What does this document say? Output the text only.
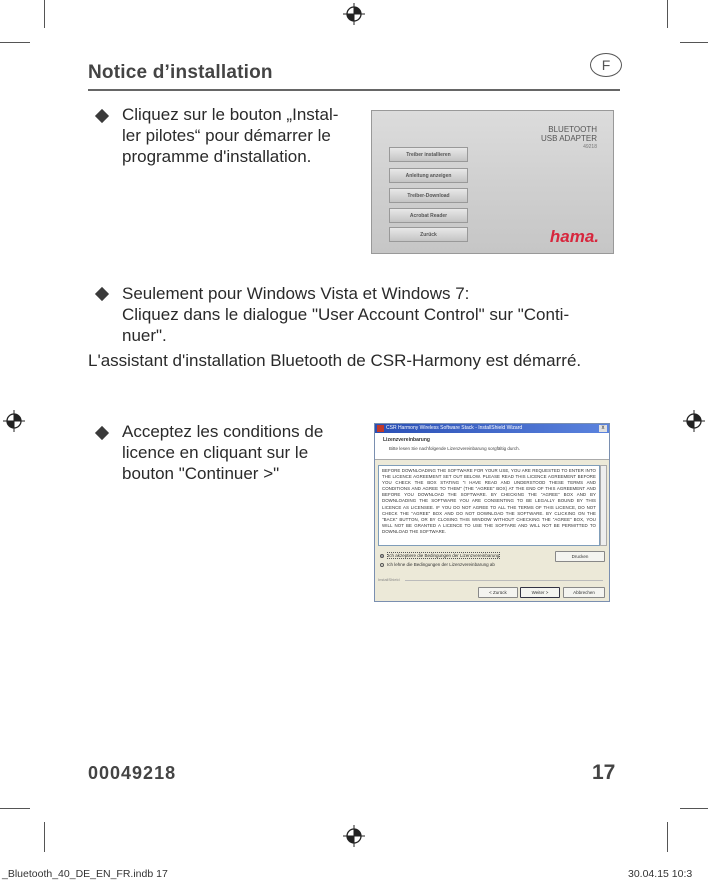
Notice d’installation	F
Cliquez sur le bouton „Instal-
ler pilotes“ pour démarrer le
programme d'installation.
BLUETOOTH
USB ADAPTER
49218
Treiber installieren
Anleitung anzeigen
Treiber-Download
Acrobat Reader
Zurück	hama.
Seulement pour Windows Vista et Windows 7:
Cliquez dans le dialogue "User Account Control" sur "Conti-
nuer".
L'assistant d'installation Bluetooth de CSR-Harmony est démarré.
Acceptez les conditions de
licence en cliquant sur le
bouton "Continuer >"
CSR Harmony Wireless Software Stack - InstallShield Wizard	x
Lizenzvereinbarung
Bitte lesen Sie nachfolgende Lizenzvereinbarung sorgfältig durch.
BEFORE DOWNLOADING THE SOFTWARE FOR YOUR USE, YOU ARE REQUESTED TO ENTER INTO THE LICENCE AGREEMENT SET OUT BELOW. PLEASE READ THIS LICENCE AGREEMENT BEFORE YOU CHECK THE BOX STATING "I HAVE READ AND UNDERSTOOD THESE TERMS AND CONDITIONS AND AGREE TO THEM" (THE "AGREE" BOX) AT THE END OF THIS AGREEMENT AND BEFORE YOU DOWNLOAD THE SOFTWARE. BY CHECKING THE "AGREE" BOX AND BY DOWNLOADING THE SOFTWARE YOU ARE CONSENTING TO BE LEGALLY BOUND BY THIS LICENCE AS LICENSEE. IF YOU DO NOT AGREE TO ALL THE TERMS OF THIS LICENCE, DO NOT CHECK THE "AGREE" BOX AND DO NOT DOWNLOAD THE SOFTWARE. BY CLICKING ON THE "BACK" BUTTON, OR BY CLOSING THIS WINDOW WITHOUT CHECKING THE "AGREE" BOX, YOU WILL NOT BE GRANTED A LICENCE TO USE THE SOFTARE AND WILL NOT BE PERMITTED TO DOWNLOAD THE SOFTWARE.
Ich akzeptiere die Bedingungen der Lizenzvereinbarung
Ich lehne die Bedingungen der Lizenzvereinbarung ab
Drucken
InstallShield
< Zurück	Weiter >	Abbrechen
00049218	17
_Bluetooth_40_DE_EN_FR.indb 17	30.04.15 10:3
